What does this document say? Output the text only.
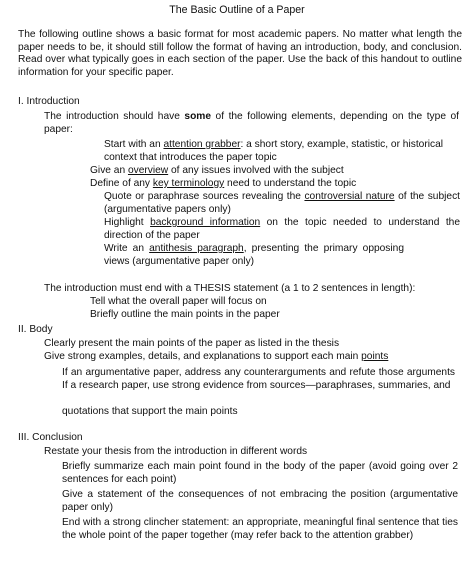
The Basic Outline of a Paper

The following outline shows a basic format for most academic papers. No matter what length the paper needs to be, it should still follow the format of having an introduction, body, and conclusion. Read over what typically goes in each section of the paper. Use the back of this handout to outline information for your specific paper.

I. Introduction

The introduction should have some of the following elements, depending on the type of paper:

Start with an attention grabber: a short story, example, statistic, or historical context that introduces the paper topic

Give an overview of any issues involved with the subject

Define of any key terminology need to understand the topic

Quote or paraphrase sources revealing the controversial nature of the subject (argumentative papers only)

Highlight background information on the topic needed to understand the direction of the paper

Write an antithesis paragraph, presenting the primary opposing views (argumentative paper only)

The introduction must end with a THESIS statement (a 1 to 2 sentences in length):

Tell what the overall paper will focus on

Briefly outline the main points in the paper

II. Body

Clearly present the main points of the paper as listed in the thesis

Give strong examples, details, and explanations to support each main points

If an argumentative paper, address any counterarguments and refute those arguments If a research paper, use strong evidence from sources—paraphrases, summaries, and

quotations that support the main points

III. Conclusion

Restate your thesis from the introduction in different words

Briefly summarize each main point found in the body of the paper (avoid going over 2 sentences for each point)

Give a statement of the consequences of not embracing the position (argumentative paper only)

End with a strong clincher statement: an appropriate, meaningful final sentence that ties the whole point of the paper together (may refer back to the attention grabber)
